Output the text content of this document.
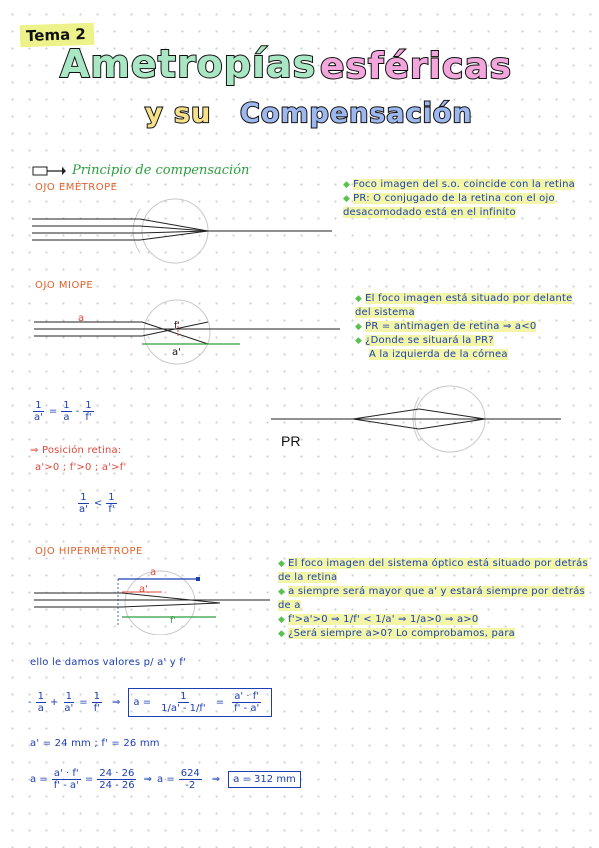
Tema 2
Ametropías esféricas
y su Compensación
Principio de compensación
OJO EMÉTROPE	◆ Foco imagen del s.o. coincide con la retina
◆ PR: O conjugado de la retina con el ojo desacomodado está en el infinito
OJO MIOPE
a
f'
a'
◆ El foco imagen está situado por delante del sistema
◆ PR = antimagen de retina ⇒ a<0
◆ ¿Donde se situará la PR?
A la izquierda de la córnea
$\frac{1}{a'} = \frac{1}{a} - \frac{1}{f'}$
PR
⇒ Posición retina:
a'>0 ; f'>0 ; a'>f'
$\frac{1}{a'} < \frac{1}{f'}$
OJO HIPERMÉTROPE
a
a'
f'
◆ El foco imagen del sistema óptico está situado por detrás de la retina
◆ a siempre será mayor que a' y estará siempre por detrás de a
◆ f'>a'>0 ⇒ 1/f' < 1/a' ⇒ 1/a>0 ⇒ a>0
◆ ¿Será siempre a>0? Lo comprobamos, para
ello le damos valores p/ a' y f'
- $\frac{1}{a} + \frac{1}{a'} = \frac{1}{f'}$ ⇒ $a = \frac{1}{1/a' - 1/f'} = \frac{a' \cdot f'}{f' - a'}$
a' = 24 mm ; f' = 26 mm
$a = \frac{a' \cdot f'}{f' - a'} = \frac{24 \cdot 26}{24 - 26}$ ⇒ $a = \frac{624}{-2}$ ⇒	a = 312 mm
